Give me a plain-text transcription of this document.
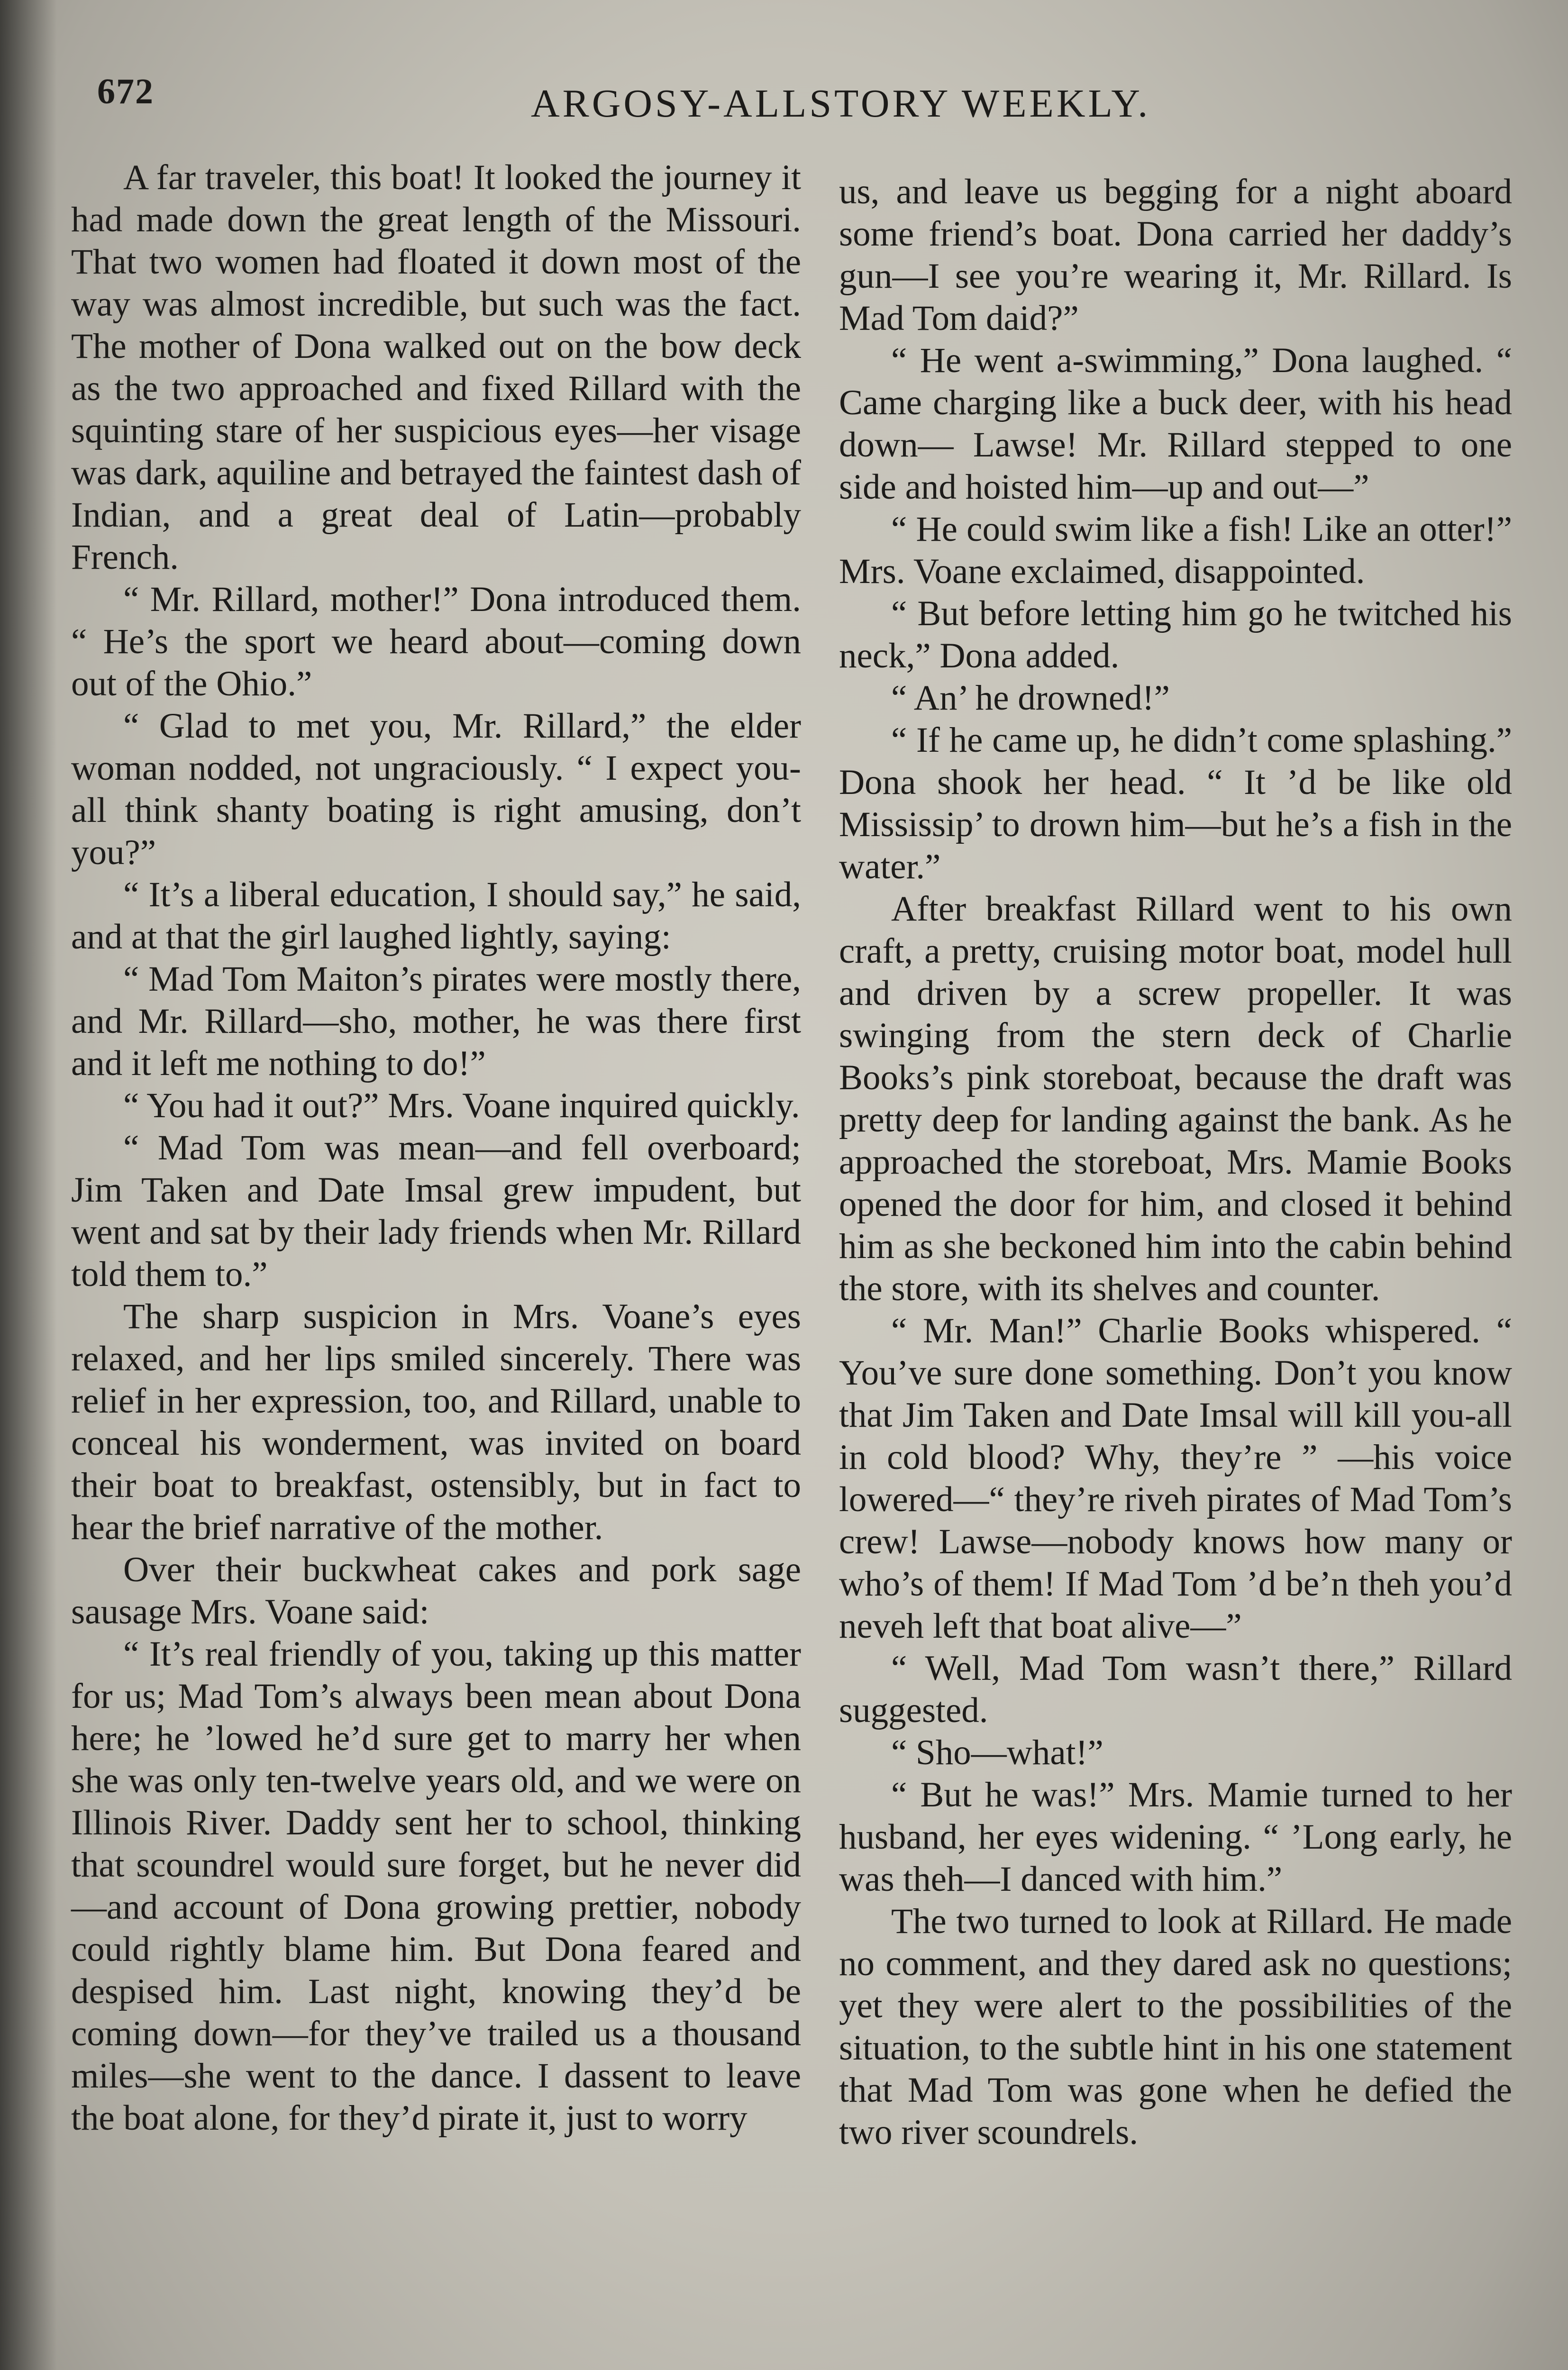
672	ARGOSY-ALLSTORY WEEKLY.

A far traveler, this boat! It looked the journey it had made down the great length of the Missouri. That two women had floated it down most of the way was almost incredible, but such was the fact. The mother of Dona walked out on the bow deck as the two approached and fixed Rillard with the squinting stare of her suspicious eyes—her visage was dark, aquiline and betrayed the faintest dash of Indian, and a great deal of Latin—probably French.

“ Mr. Rillard, mother!” Dona introduced them. “ He’s the sport we heard about—coming down out of the Ohio.”

“ Glad to met you, Mr. Rillard,” the elder woman nodded, not ungraciously. “ I expect you-all think shanty boating is right amusing, don’t you?”

“ It’s a liberal education, I should say,” he said, and at that the girl laughed lightly, saying:

“ Mad Tom Maiton’s pirates were mostly there, and Mr. Rillard—sho, mother, he was there first and it left me nothing to do!”

“ You had it out?” Mrs. Voane inquired quickly.

“ Mad Tom was mean—and fell overboard; Jim Taken and Date Imsal grew impudent, but went and sat by their lady friends when Mr. Rillard told them to.”

The sharp suspicion in Mrs. Voane’s eyes relaxed, and her lips smiled sincerely. There was relief in her expression, too, and Rillard, unable to conceal his wonderment, was invited on board their boat to breakfast, ostensibly, but in fact to hear the brief narrative of the mother.

Over their buckwheat cakes and pork sage sausage Mrs. Voane said:

“ It’s real friendly of you, taking up this matter for us; Mad Tom’s always been mean about Dona here; he ’lowed he’d sure get to marry her when she was only ten-twelve years old, and we were on Illinois River. Daddy sent her to school, thinking that scoundrel would sure forget, but he never did—and account of Dona growing prettier, nobody could rightly blame him. But Dona feared and despised him. Last night, knowing they’d be coming down—for they’ve trailed us a thousand miles—she went to the dance. I dassent to leave the boat alone, for they’d pirate it, just to worry

us, and leave us begging for a night aboard some friend’s boat. Dona carried her daddy’s gun—I see you’re wearing it, Mr. Rillard. Is Mad Tom daid?”

“ He went a-swimming,” Dona laughed. “ Came charging like a buck deer, with his head down— Lawse! Mr. Rillard stepped to one side and hoisted him—up and out—”

“ He could swim like a fish! Like an otter!” Mrs. Voane exclaimed, disappointed.

“ But before letting him go he twitched his neck,” Dona added.

“ An’ he drowned!”

“ If he came up, he didn’t come splashing.” Dona shook her head. “ It ’d be like old Mississip’ to drown him—but he’s a fish in the water.”

After breakfast Rillard went to his own craft, a pretty, cruising motor boat, model hull and driven by a screw propeller. It was swinging from the stern deck of Charlie Books’s pink storeboat, because the draft was pretty deep for landing against the bank. As he approached the storeboat, Mrs. Mamie Books opened the door for him, and closed it behind him as she beckoned him into the cabin behind the store, with its shelves and counter.

“ Mr. Man!” Charlie Books whispered. “ You’ve sure done something. Don’t you know that Jim Taken and Date Imsal will kill you-all in cold blood? Why, they’re ” —his voice lowered—“ they’re riveh pirates of Mad Tom’s crew! Lawse—nobody knows how many or who’s of them! If Mad Tom ’d be’n theh you’d neveh left that boat alive—”

“ Well, Mad Tom wasn’t there,” Rillard suggested.

“ Sho—what!”

“ But he was!” Mrs. Mamie turned to her husband, her eyes widening. “ ’Long early, he was theh—I danced with him.”

The two turned to look at Rillard. He made no comment, and they dared ask no questions; yet they were alert to the possibilities of the situation, to the subtle hint in his one statement that Mad Tom was gone when he defied the two river scoundrels.
